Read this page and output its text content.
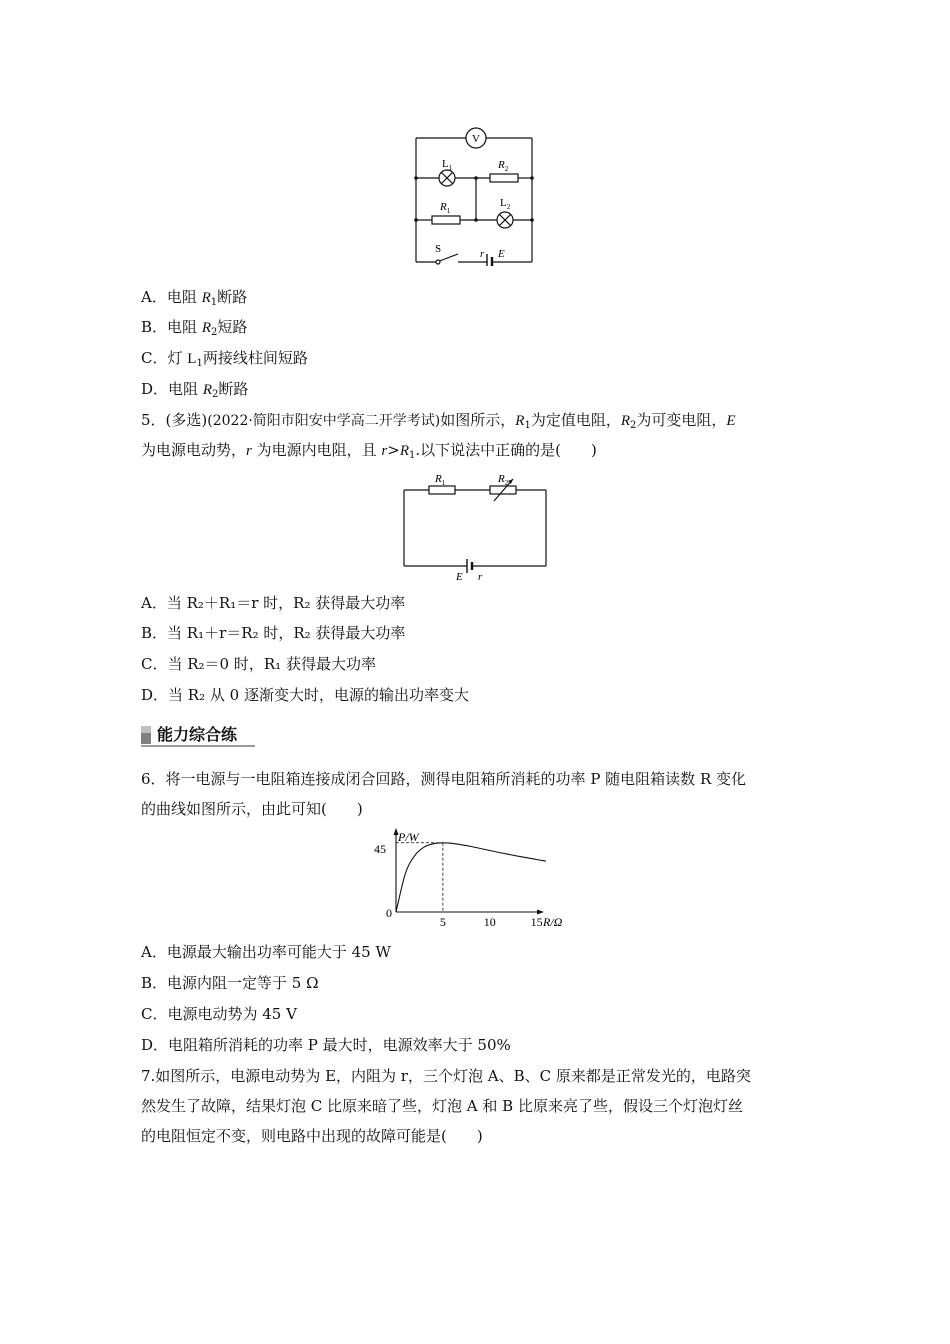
V
$L_1$	$R_2$
$R_1$
$L_2$
S	r E
A．电阻 $R_1$断路
B．电阻 $R_2$短路
C．灯 $L_1$两接线柱间短路
D．电阻 $R_2$断路
5．(多选)(2022·简阳市阳安中学高二开学考试)如图所示，$R_1$为定值电阻，$R_2$为可变电阻，E
为电源电动势，r 为电源内电阻，且 $r>R_1$.以下说法中正确的是(　　)
$R_1$	$R_2$
E r
A．当 R₂＋R₁＝r 时，R₂ 获得最大功率
B．当 R₁＋r＝R₂ 时，R₂ 获得最大功率
C．当 R₂＝0 时，R₁ 获得最大功率
D．当 R₂ 从 0 逐渐变大时，电源的输出功率变大
能力综合练
6．将一电源与一电阻箱连接成闭合回路，测得电阻箱所消耗的功率 P 随电阻箱读数 R 变化
的曲线如图所示，由此可知(　　)
P/W
0
45
5	10	15 R/Ω
A．电源最大输出功率可能大于 45 W
B．电源内阻一定等于 5 Ω
C．电源电动势为 45 V
D．电阻箱所消耗的功率 P 最大时，电源效率大于 50%
7.如图所示，电源电动势为 E，内阻为 r，三个灯泡 A、B、C 原来都是正常发光的，电路突
然发生了故障，结果灯泡 C 比原来暗了些，灯泡 A 和 B 比原来亮了些，假设三个灯泡灯丝
的电阻恒定不变，则电路中出现的故障可能是(　　)
